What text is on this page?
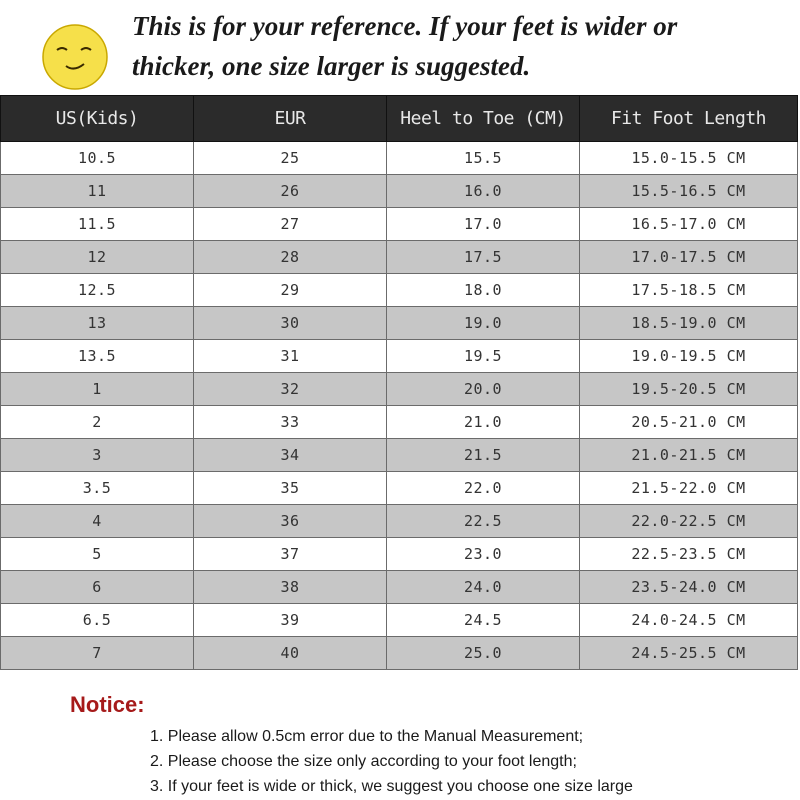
This is for your reference. If your feet is wider or
thicker, one size larger is suggested.
US(Kids)	EUR	Heel to Toe (CM)	Fit Foot Length
10.5	25	15.5	15.0-15.5 CM
11	26	16.0	15.5-16.5 CM
11.5	27	17.0	16.5-17.0 CM
12	28	17.5	17.0-17.5 CM
12.5	29	18.0	17.5-18.5 CM
13	30	19.0	18.5-19.0 CM
13.5	31	19.5	19.0-19.5 CM
1	32	20.0	19.5-20.5 CM
2	33	21.0	20.5-21.0 CM
3	34	21.5	21.0-21.5 CM
3.5	35	22.0	21.5-22.0 CM
4	36	22.5	22.0-22.5 CM
5	37	23.0	22.5-23.5 CM
6	38	24.0	23.5-24.0 CM
6.5	39	24.5	24.0-24.5 CM
7	40	25.0	24.5-25.5 CM
Notice:
1. Please allow 0.5cm error due to the Manual Measurement;
2. Please choose the size only according to your foot length;
3. If your feet is wide or thick, we suggest you choose one size large
